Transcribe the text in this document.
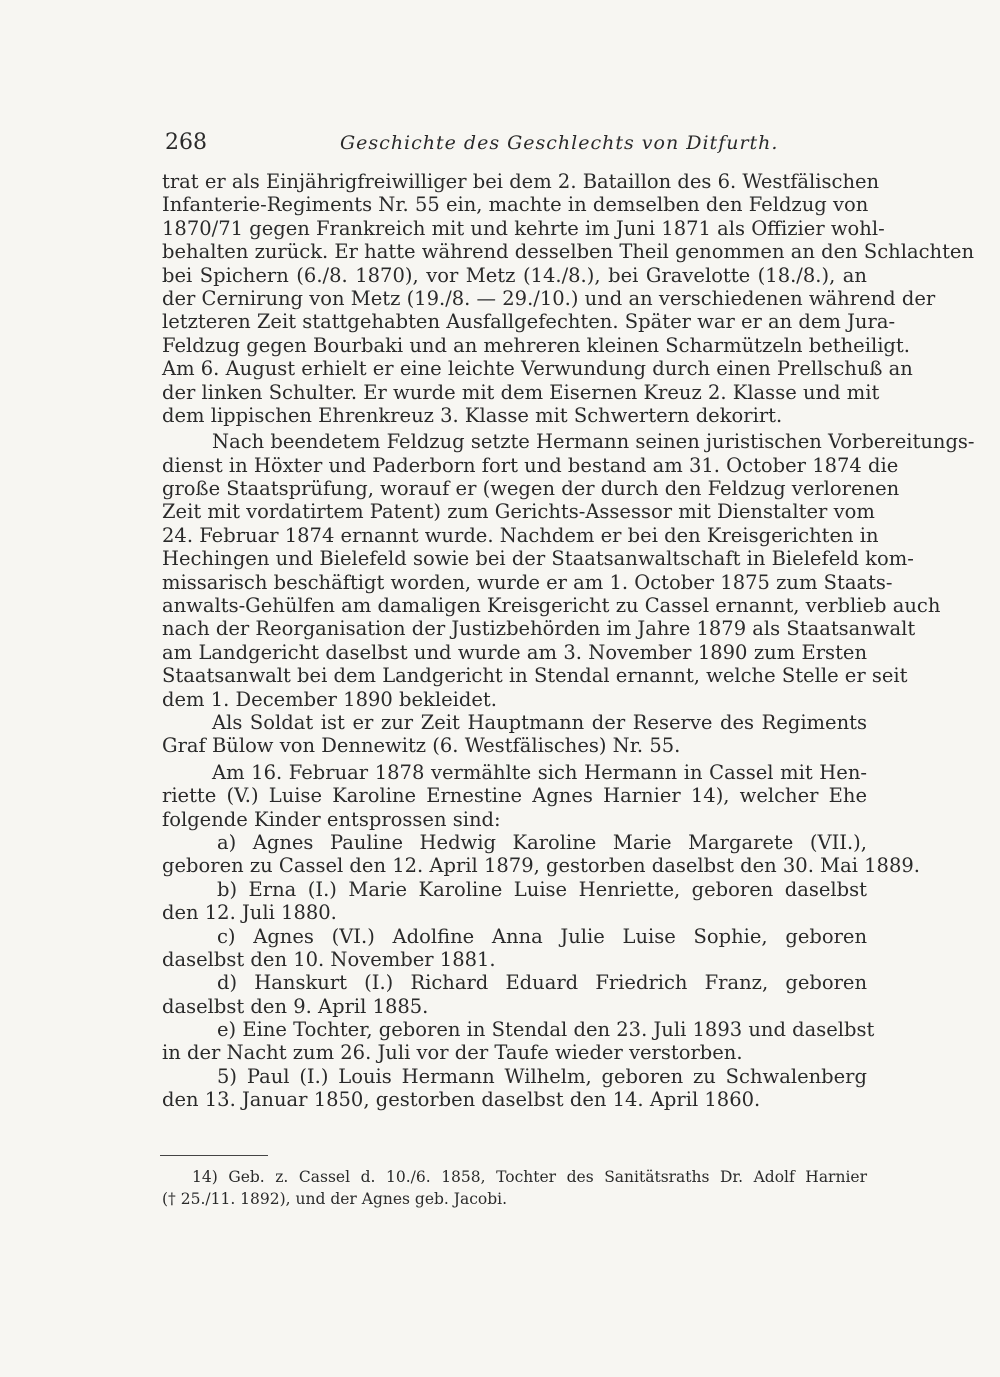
268	Geschichte des Geschlechts von Ditfurth.
trat er als Einjährigfreiwilliger bei dem 2. Bataillon des 6. Westfälischen
Infanterie-Regiments Nr. 55 ein, machte in demselben den Feldzug von
1870/71 gegen Frankreich mit und kehrte im Juni 1871 als Offizier wohl-
behalten zurück. Er hatte während desselben Theil genommen an den Schlachten
bei Spichern (6./8. 1870), vor Metz (14./8.), bei Gravelotte (18./8.), an
der Cernirung von Metz (19./8. — 29./10.) und an verschiedenen während der
letzteren Zeit stattgehabten Ausfallgefechten. Später war er an dem Jura-
Feldzug gegen Bourbaki und an mehreren kleinen Scharmützeln betheiligt.
Am 6. August erhielt er eine leichte Verwundung durch einen Prellschuß an
der linken Schulter. Er wurde mit dem Eisernen Kreuz 2. Klasse und mit
dem lippischen Ehrenkreuz 3. Klasse mit Schwertern dekorirt.
Nach beendetem Feldzug setzte Hermann seinen juristischen Vorbereitungs-
dienst in Höxter und Paderborn fort und bestand am 31. October 1874 die
große Staatsprüfung, worauf er (wegen der durch den Feldzug verlorenen
Zeit mit vordatirtem Patent) zum Gerichts-Assessor mit Dienstalter vom
24. Februar 1874 ernannt wurde. Nachdem er bei den Kreisgerichten in
Hechingen und Bielefeld sowie bei der Staatsanwaltschaft in Bielefeld kom-
missarisch beschäftigt worden, wurde er am 1. October 1875 zum Staats-
anwalts-Gehülfen am damaligen Kreisgericht zu Cassel ernannt, verblieb auch
nach der Reorganisation der Justizbehörden im Jahre 1879 als Staatsanwalt
am Landgericht daselbst und wurde am 3. November 1890 zum Ersten
Staatsanwalt bei dem Landgericht in Stendal ernannt, welche Stelle er seit
dem 1. December 1890 bekleidet.
Als Soldat ist er zur Zeit Hauptmann der Reserve des Regiments
Graf Bülow von Dennewitz (6. Westfälisches) Nr. 55.
Am 16. Februar 1878 vermählte sich Hermann in Cassel mit Hen-
riette (V.) Luise Karoline Ernestine Agnes Harnier 14), welcher Ehe
folgende Kinder entsprossen sind:
a) Agnes Pauline Hedwig Karoline Marie Margarete (VII.),
geboren zu Cassel den 12. April 1879, gestorben daselbst den 30. Mai 1889.
b) Erna (I.) Marie Karoline Luise Henriette, geboren daselbst
den 12. Juli 1880.
c) Agnes (VI.) Adolfine Anna Julie Luise Sophie, geboren
daselbst den 10. November 1881.
d) Hanskurt (I.) Richard Eduard Friedrich Franz, geboren
daselbst den 9. April 1885.
e) Eine Tochter, geboren in Stendal den 23. Juli 1893 und daselbst
in der Nacht zum 26. Juli vor der Taufe wieder verstorben.
5) Paul (I.) Louis Hermann Wilhelm, geboren zu Schwalenberg
den 13. Januar 1850, gestorben daselbst den 14. April 1860.
14) Geb. z. Cassel d. 10./6. 1858, Tochter des Sanitätsraths Dr. Adolf Harnier
(† 25./11. 1892), und der Agnes geb. Jacobi.
